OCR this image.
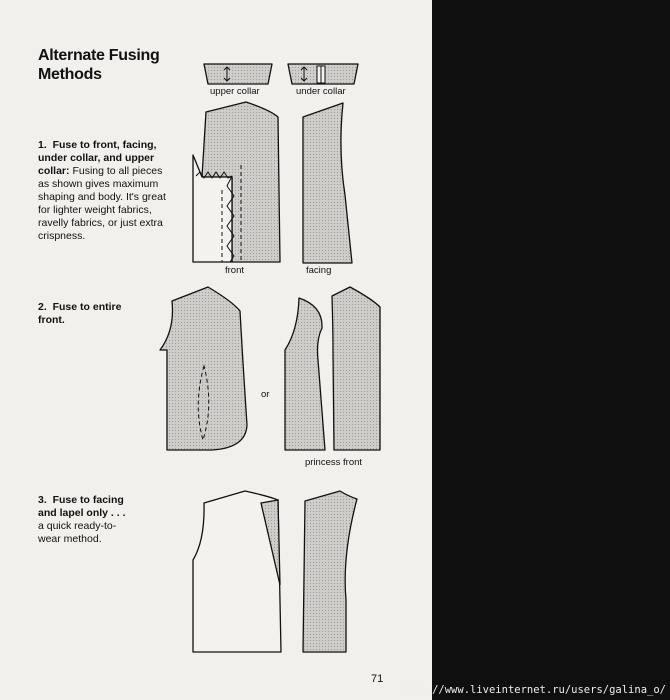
Alternate Fusing
Methods
1. Fuse to front, facing,
under collar, and upper
collar: Fusing to all pieces
as shown gives maximum
shaping and body. It's great
for lighter weight fabrics,
ravelly fabrics, or just extra
crispness.
2. Fuse to entire
front.
3. Fuse to facing
and lapel only . . .
a quick ready-to-
wear method.
upper collar	under collar
front	facing
or
princess front
71
http://www.liveinternet.ru/users/galina_o/
